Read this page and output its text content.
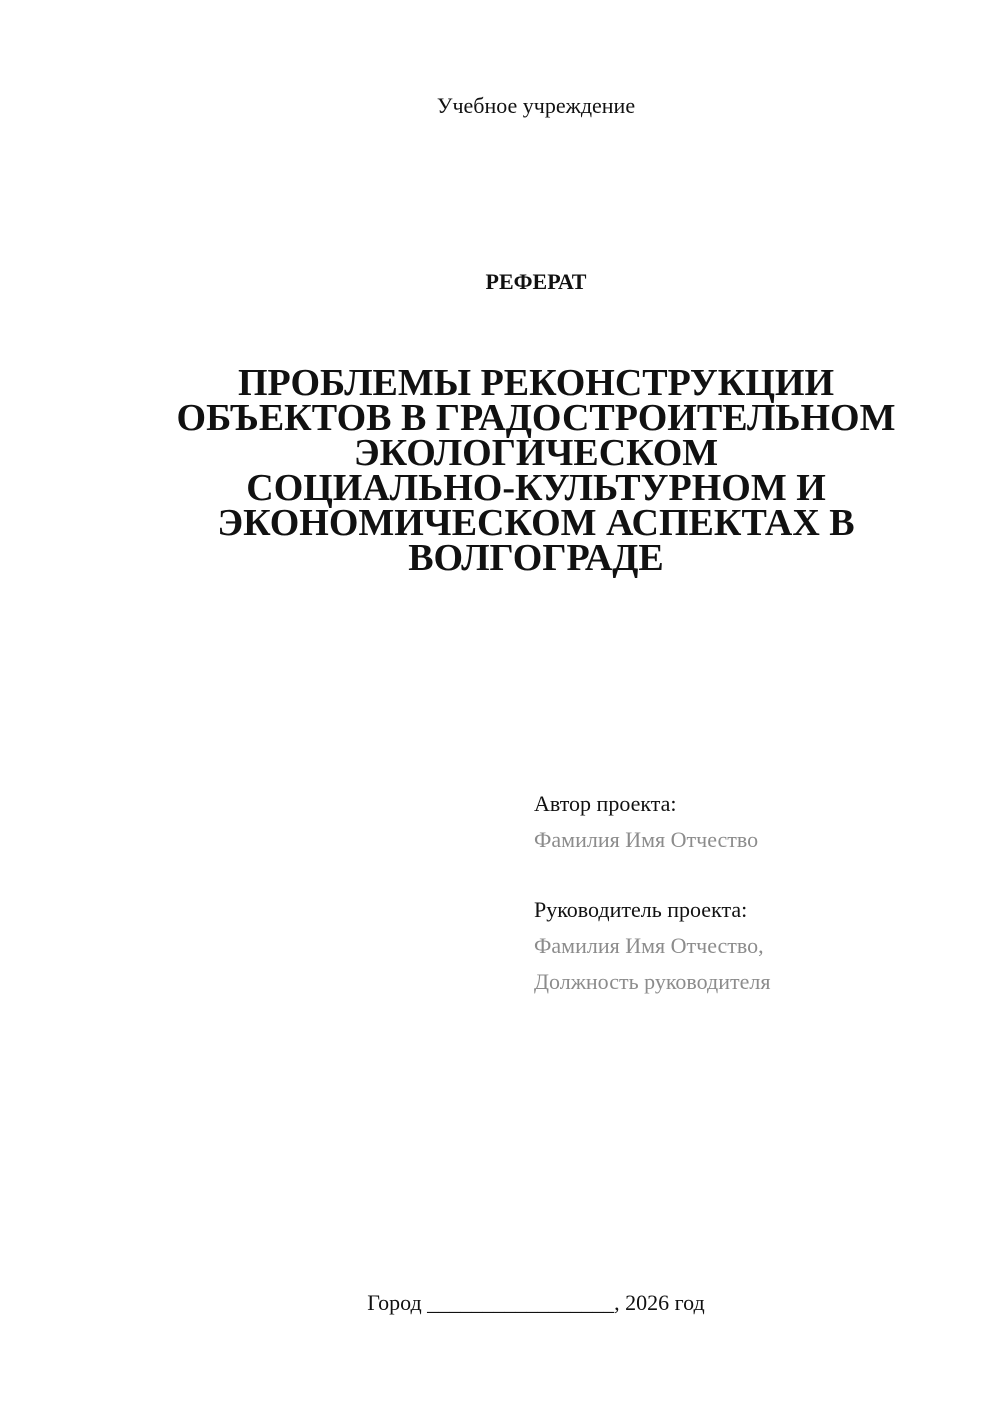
Учебное учреждение
РЕФЕРАТ
ПРОБЛЕМЫ РЕКОНСТРУКЦИИ
ОБЪЕКТОВ В ГРАДОСТРОИТЕЛЬНОМ
ЭКОЛОГИЧЕСКОМ
СОЦИАЛЬНО-КУЛЬТУРНОМ И
ЭКОНОМИЧЕСКОМ АСПЕКТАХ В
ВОЛГОГРАДЕ
Автор проекта:
Фамилия Имя Отчество
Руководитель проекта:
Фамилия Имя Отчество,
Должность руководителя
Город _________________, 2026 год
